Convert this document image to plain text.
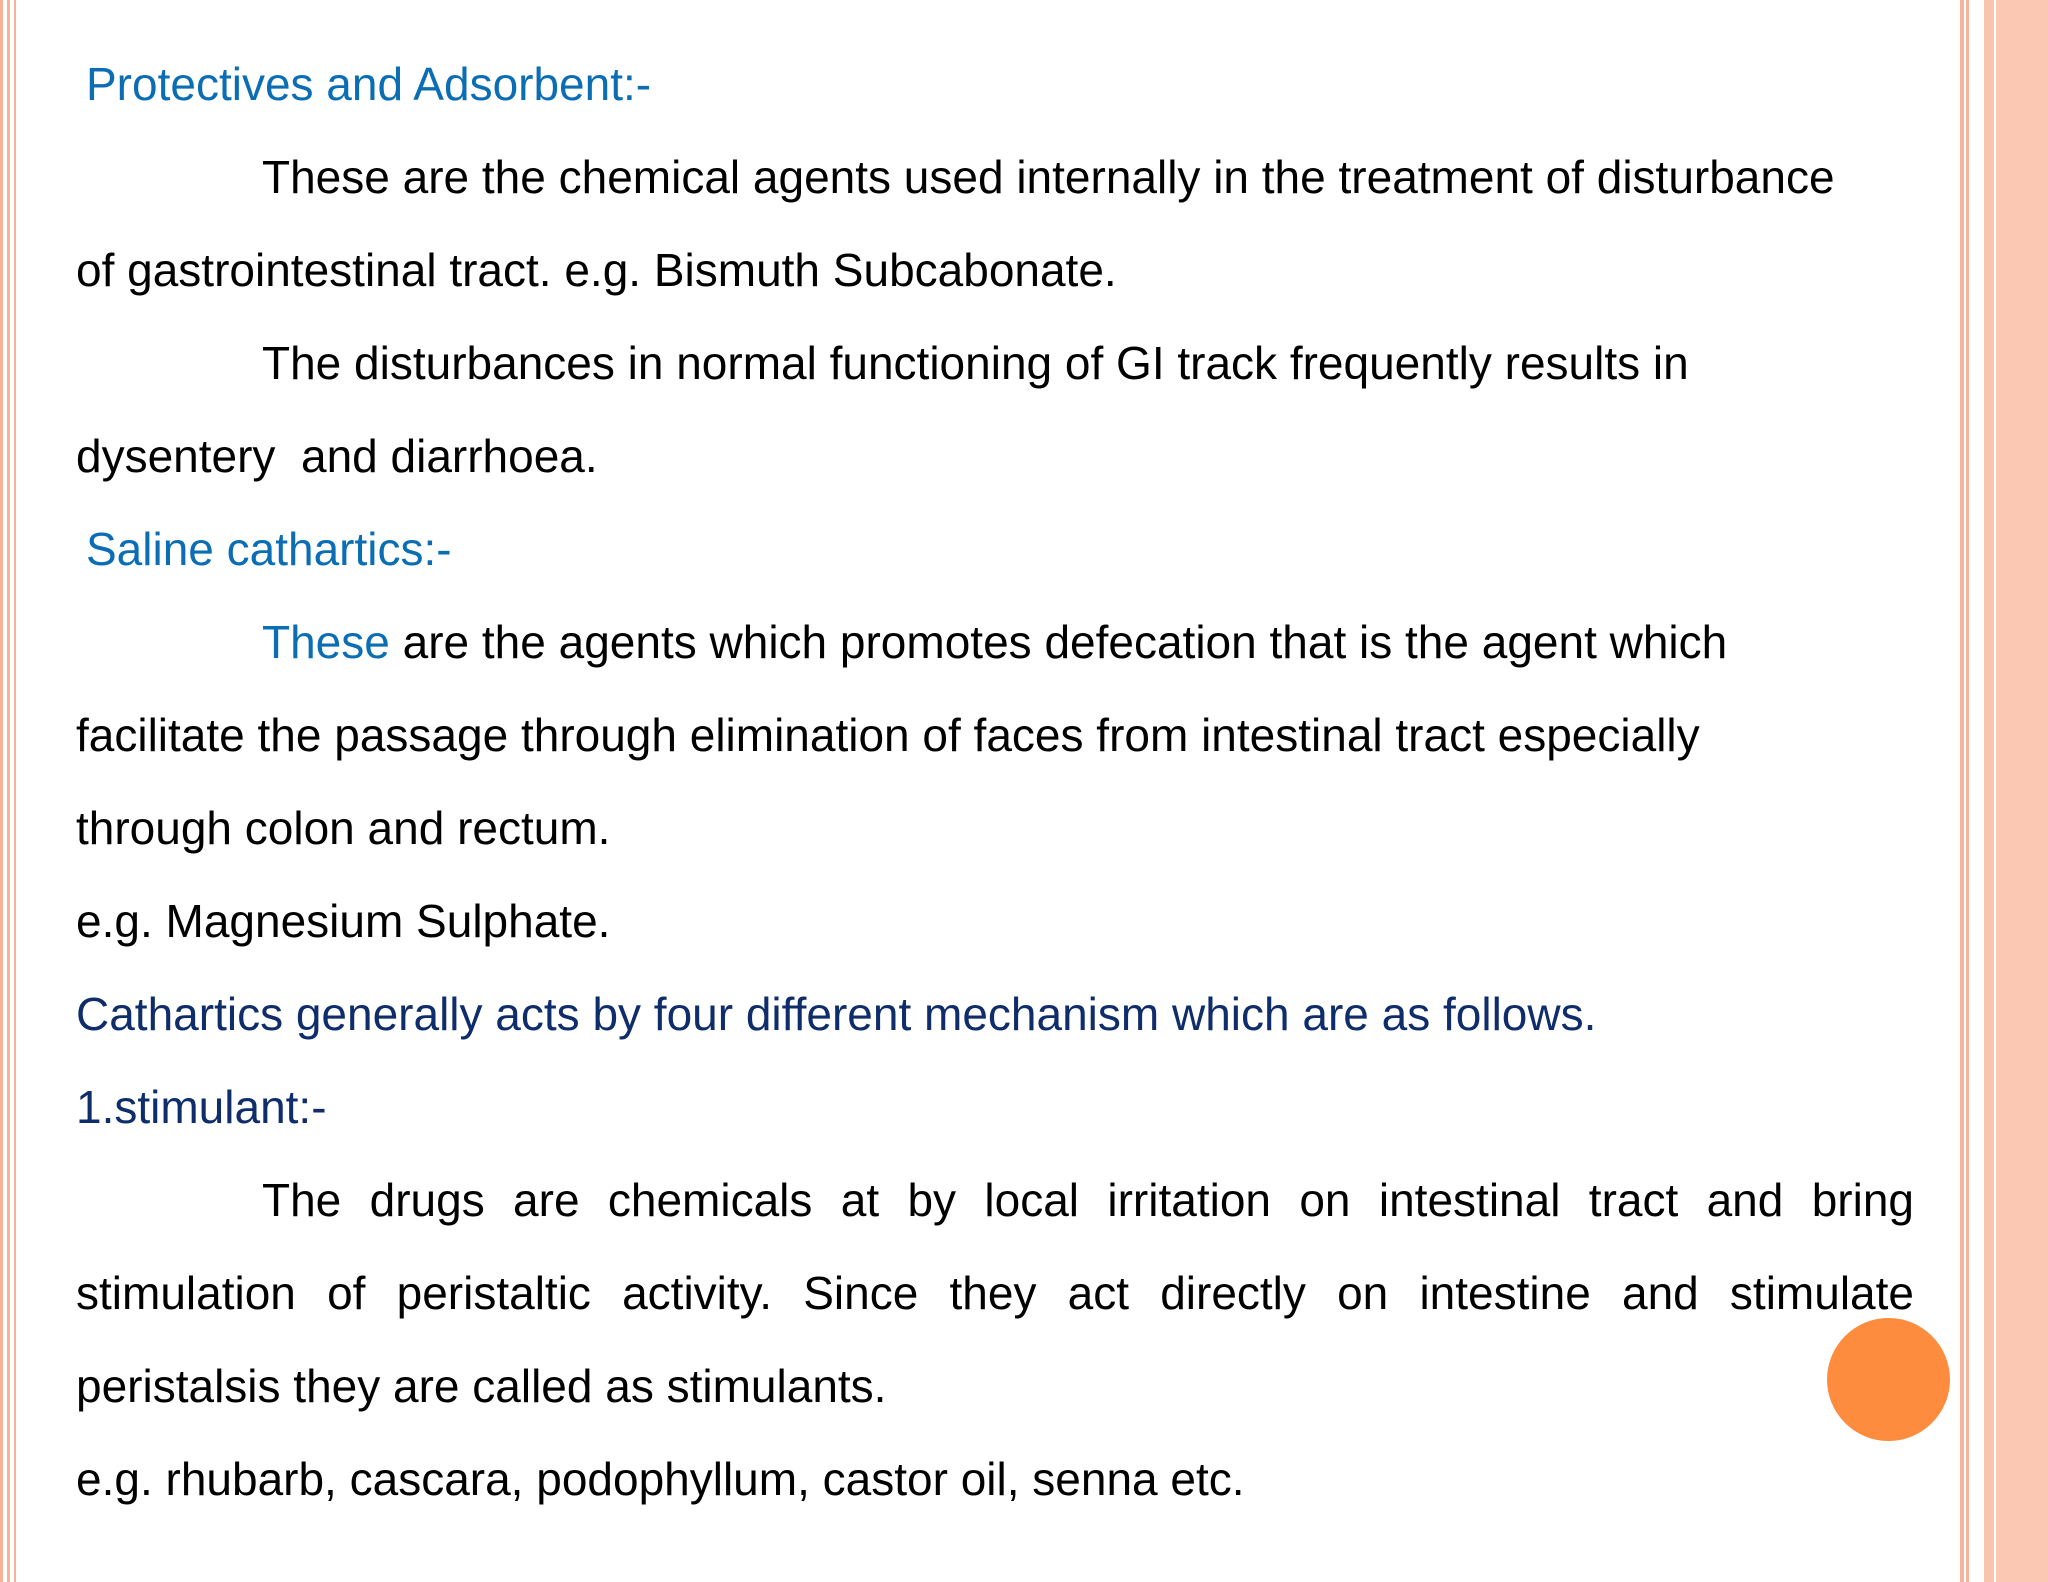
Protectives and Adsorbent:-

These are the chemical agents used internally in the treatment of disturbance

of gastrointestinal tract. e.g. Bismuth Subcabonate.

The disturbances in normal functioning of GI track frequently results in

dysentery  and diarrhoea.

Saline cathartics:-

These are the agents which promotes defecation that is the agent which

facilitate the passage through elimination of faces from intestinal tract especially

through colon and rectum.

e.g. Magnesium Sulphate.

Cathartics generally acts by four different mechanism which are as follows.

1.stimulant:-

The drugs are chemicals at by local irritation on intestinal tract and bring

stimulation of peristaltic activity. Since they act directly on intestine and stimulate

peristalsis they are called as stimulants.

e.g. rhubarb, cascara, podophyllum, castor oil, senna etc.
